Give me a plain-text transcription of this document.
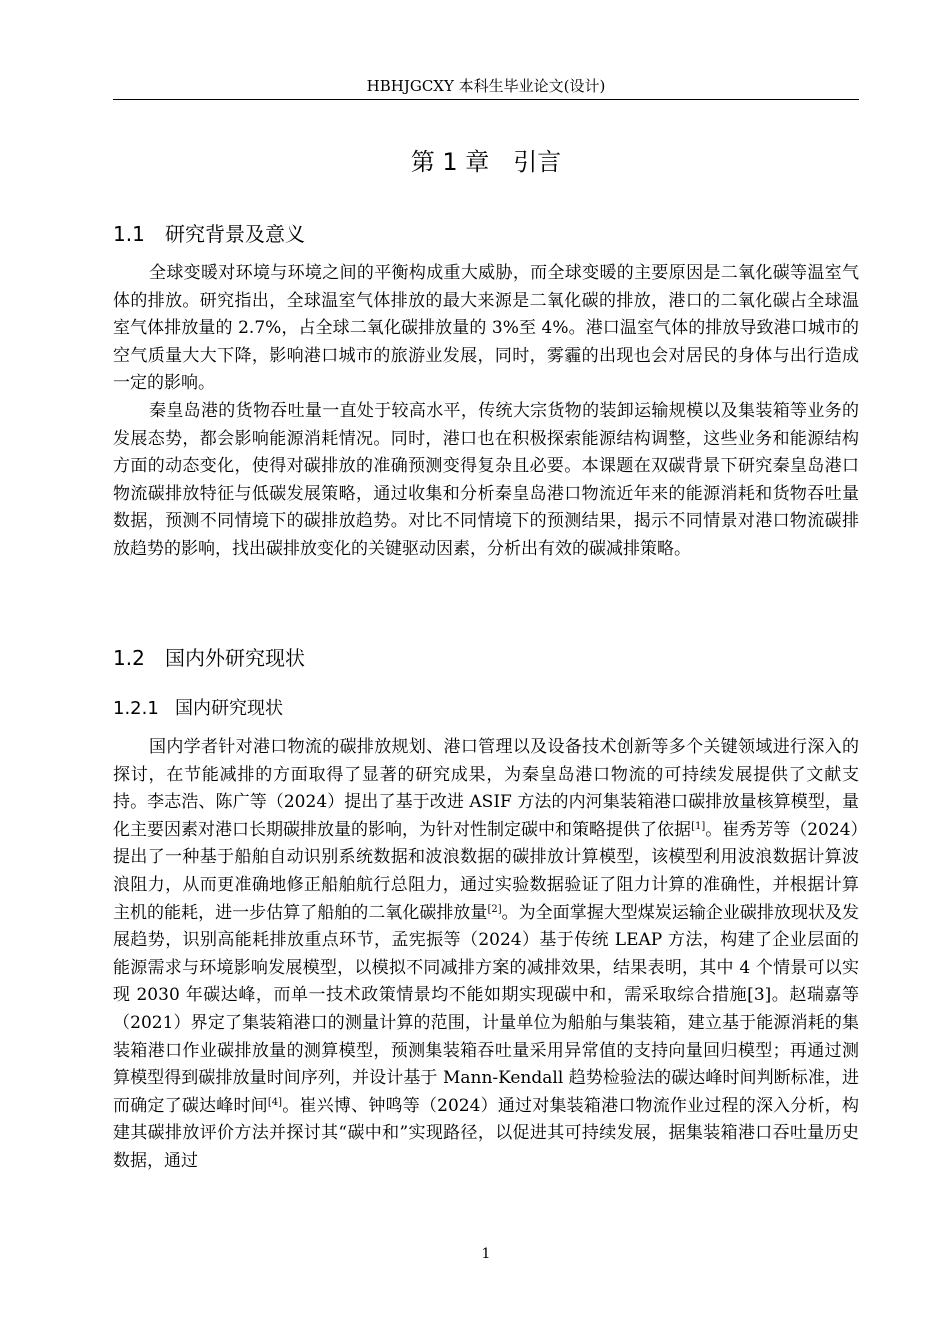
HBHJGCXY 本科生毕业论文(设计)
第 1 章　引言
1.1 研究背景及意义

全球变暖对环境与环境之间的平衡构成重大威胁，而全球变暖的主要原因是二氧化碳等温室气体的排放。研究指出，全球温室气体排放的最大来源是二氧化碳的排放，港口的二氧化碳占全球温室气体排放量的 2.7%，占全球二氧化碳排放量的 3%至 4%。港口温室气体的排放导致港口城市的空气质量大大下降，影响港口城市的旅游业发展，同时，雾霾的出现也会对居民的身体与出行造成一定的影响。

秦皇岛港的货物吞吐量一直处于较高水平，传统大宗货物的装卸运输规模以及集装箱等业务的发展态势，都会影响能源消耗情况。同时，港口也在积极探索能源结构调整，这些业务和能源结构方面的动态变化，使得对碳排放的准确预测变得复杂且必要。本课题在双碳背景下研究秦皇岛港口物流碳排放特征与低碳发展策略，通过收集和分析秦皇岛港口物流近年来的能源消耗和货物吞吐量数据，预测不同情境下的碳排放趋势。对比不同情境下的预测结果，揭示不同情景对港口物流碳排放趋势的影响，找出碳排放变化的关键驱动因素，分析出有效的碳减排策略。

1.2 国内外研究现状
1.2.1 国内研究现状

国内学者针对港口物流的碳排放规划、港口管理以及设备技术创新等多个关键领域进行深入的探讨，在节能减排的方面取得了显著的研究成果，为秦皇岛港口物流的可持续发展提供了文献支持。李志浩、陈广等（2024）提出了基于改进 ASIF 方法的内河集装箱港口碳排放量核算模型，量化主要因素对港口长期碳排放量的影响，为针对性制定碳中和策略提供了依据[1]。崔秀芳等（2024）提出了一种基于船舶自动识别系统数据和波浪数据的碳排放计算模型，该模型利用波浪数据计算波浪阻力，从而更准确地修正船舶航行总阻力，通过实验数据验证了阻力计算的准确性，并根据计算主机的能耗，进一步估算了船舶的二氧化碳排放量[2]。为全面掌握大型煤炭运输企业碳排放现状及发展趋势，识别高能耗排放重点环节，孟宪振等（2024）基于传统 LEAP 方法，构建了企业层面的能源需求与环境影响发展模型，以模拟不同减排方案的减排效果，结果表明，其中 4 个情景可以实现 2030 年碳达峰，而单一技术政策情景均不能如期实现碳中和，需采取综合措施[3]。赵瑞嘉等（2021）界定了集装箱港口的测量计算的范围，计量单位为船舶与集装箱，建立基于能源消耗的集装箱港口作业碳排放量的测算模型，预测集装箱吞吐量采用异常值的支持向量回归模型；再通过测算模型得到碳排放量时间序列，并设计基于 Mann-Kendall 趋势检验法的碳达峰时间判断标准，进而确定了碳达峰时间[4]。崔兴博、钟鸣等（2024）通过对集装箱港口物流作业过程的深入分析，构建其碳排放评价方法并探讨其“碳中和”实现路径，以促进其可持续发展，据集装箱港口吞吐量历史数据，通过

1
